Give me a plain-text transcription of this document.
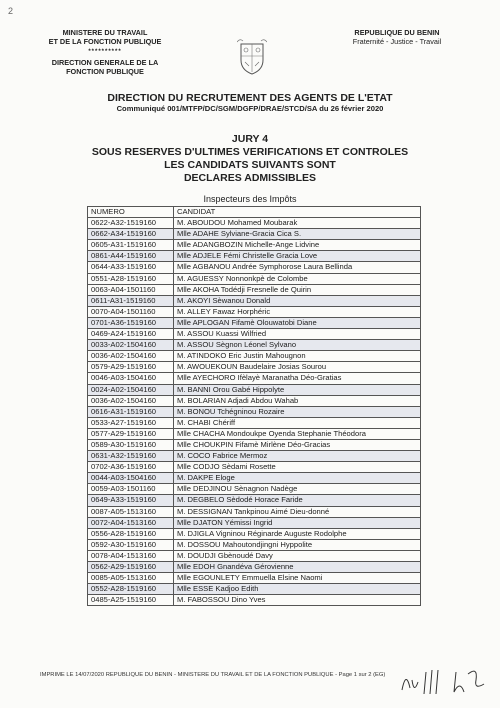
2
MINISTERE DU TRAVAIL
ET DE LA FONCTION PUBLIQUE
**********
DIRECTION GENERALE DE LA
FONCTION PUBLIQUE
REPUBLIQUE DU BENIN
Fraternité - Justice - Travail
DIRECTION DU RECRUTEMENT DES AGENTS DE L'ETAT
Communiqué 001/MTFP/DC/SGM/DGFP/DRAE/STCD/SA du 26 février 2020
JURY 4
SOUS RESERVES D'ULTIMES VERIFICATIONS ET CONTROLES
LES CANDIDATS SUIVANTS SONT
DECLARES ADMISSIBLES
Inspecteurs des Impôts
NUMERO	CANDIDAT
0622-A32-1519160	M. ABOUDOU Mohamed Moubarak
0662-A34-1519160	Mlle ADAHE Sylviane-Gracia Cica S.
0605-A31-1519160	Mlle ADANGBOZIN Michelle-Ange Lidvine
0861-A44-1519160	Mlle ADJELE Fémi Christelle Gracia Love
0644-A33-1519160	Mlle AGBANOU Andrée Symphorose Laura Bellinda
0551-A28-1519160	M. AGUESSY Nonnonkpè de Colombe
0063-A04-1501160	Mlle AKOHA Todédji Fresnelle de Quirin
0611-A31-1519160	M. AKOYI Sèwanou Donald
0070-A04-1501160	M. ALLEY Fawaz Horphéric
0701-A36-1519160	Mlle APLOGAN Fifamè Olouwatobi Diane
0469-A24-1519160	M. ASSOU Kuassi Wilfried
0033-A02-1504160	M. ASSOU Sègnon Léonel Sylvano
0036-A02-1504160	M. ATINDOKO Eric Justin Mahougnon
0579-A29-1519160	M. AWOUEKOUN Baudelaire Josias Sourou
0046-A03-1504160	Mlle AYECHORO Ifèlayè Maranatha Déo-Gratias
0024-A02-1504160	M. BANNI Orou Gabé Hippolyte
0036-A02-1504160	M. BOLARIAN Adjadi Abdou Wahab
0616-A31-1519160	M. BONOU Tchégninou Rozaire
0533-A27-1519160	M. CHABI Chériff
0577-A29-1519160	Mlle CHACHA Mondoukpe Oyenda Stephanie Théodora
0589-A30-1519160	Mlle CHOUKPIN Fifamè Mirlène Déo-Gracias
0631-A32-1519160	M. COCO Fabrice Mermoz
0702-A36-1519160	Mlle CODJO Sèdami Rosette
0044-A03-1504160	M. DAKPE Eloge
0059-A03-1501160	Mlle DEDJINOU Sènagnon Nadège
0649-A33-1519160	M. DEGBELO Sèdodé Horace Faride
0087-A05-1513160	M. DESSIGNAN Tankpinou Aimé Dieu-donné
0072-A04-1513160	Mlle DJATON Yémissi Ingrid
0556-A28-1519160	M. DJIGLA Vigninou Réginarde Auguste Rodolphe
0592-A30-1519160	M. DOSSOU Mahoutondjingni Hyppolite
0078-A04-1513160	M. DOUDJI Gbènoudé Davy
0562-A29-1519160	Mlle EDOH Gnandéva Gérovienne
0085-A05-1513160	Mlle EGOUNLETY Emmuella Elsine Naomi
0552-A28-1519160	Mlle ESSE Kadjoo Edith
0485-A25-1519160	M. FABOSSOU Dino Yves
IMPRIME LE 14/07/2020 REPUBLIQUE DU BENIN - MINISTERE DU TRAVAIL ET DE LA FONCTION PUBLIQUE - Page 1 sur 2 (EG)
